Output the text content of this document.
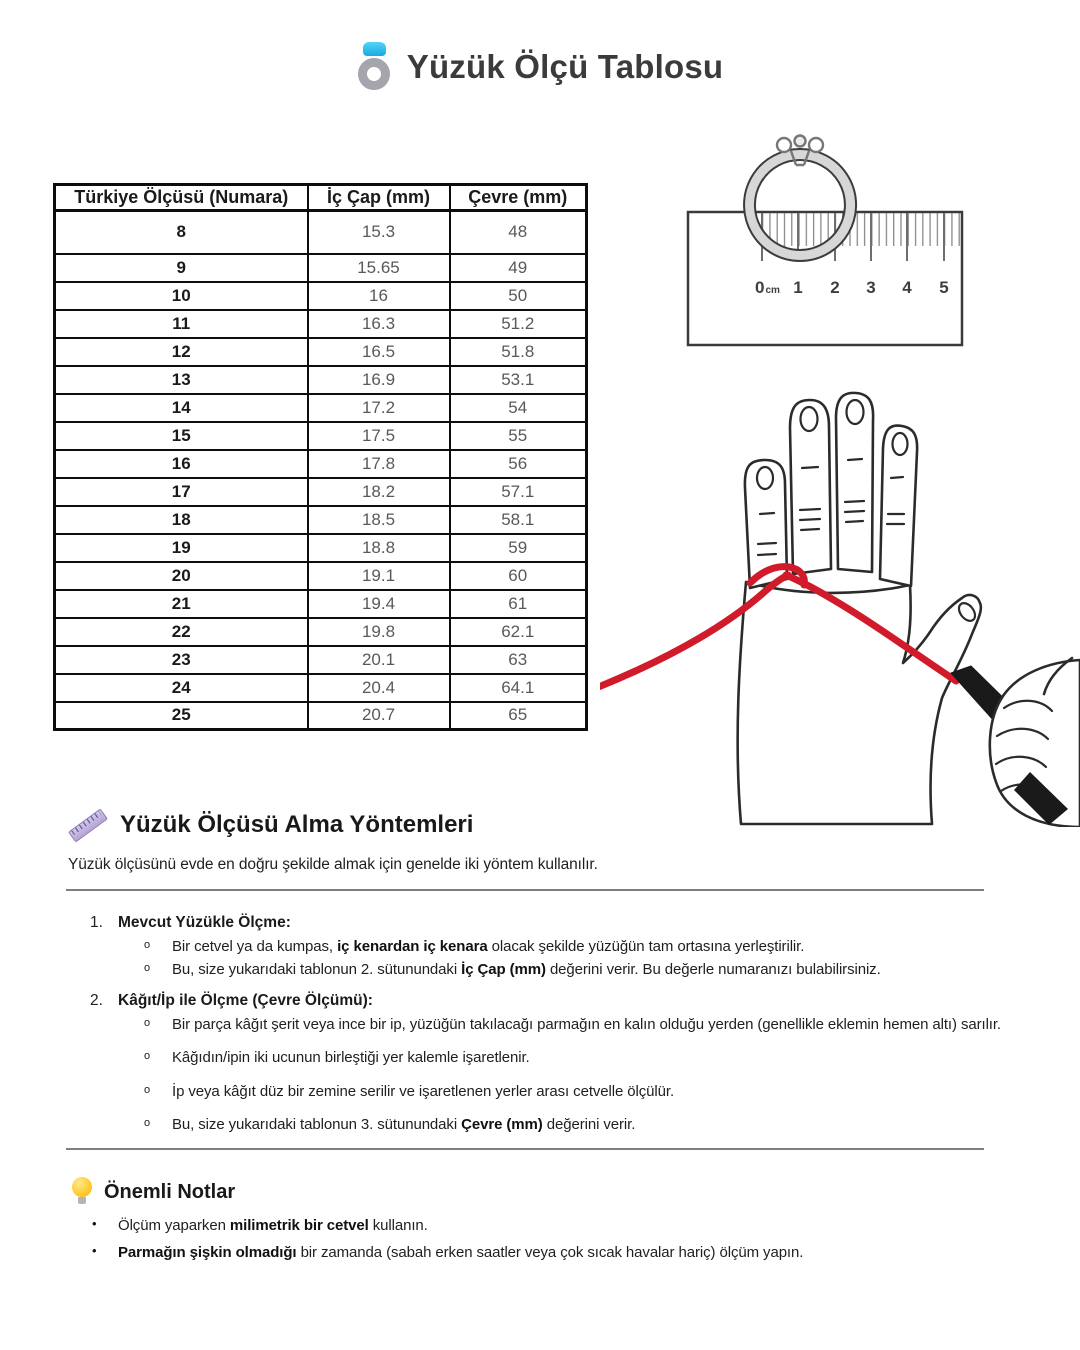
Yüzük Ölçü Tablosu
Türkiye Ölçüsü (Numara)	İç Çap (mm)	Çevre (mm)
8	15.3	48
9	15.65	49
10	16	50
11	16.3	51.2
12	16.5	51.8
13	16.9	53.1
14	17.2	54
15	17.5	55
16	17.8	56
17	18.2	57.1
18	18.5	58.1
19	18.8	59
20	19.1	60
21	19.4	61
22	19.8	62.1
23	20.1	63
24	20.4	64.1
25	20.7	65
0cm 1 2 3 4 5
Yüzük Ölçüsü Alma Yöntemleri
Yüzük ölçüsünü evde en doğru şekilde almak için genelde iki yöntem kullanılır.
1. Mevcut Yüzükle Ölçme:
o	Bir cetvel ya da kumpas, iç kenardan iç kenara olacak şekilde yüzüğün tam ortasına yerleştirilir.
o	Bu, size yukarıdaki tablonun 2. sütunundaki İç Çap (mm) değerini verir. Bu değerle numaranızı bulabilirsiniz.
2. Kâğıt/İp ile Ölçme (Çevre Ölçümü):
o	Bir parça kâğıt şerit veya ince bir ip, yüzüğün takılacağı parmağın en kalın olduğu yerden (genellikle eklemin hemen altı) sarılır.
o	Kâğıdın/ipin iki ucunun birleştiği yer kalemle işaretlenir.
o	İp veya kâğıt düz bir zemine serilir ve işaretlenen yerler arası cetvelle ölçülür.
o	Bu, size yukarıdaki tablonun 3. sütunundaki Çevre (mm) değerini verir.
Önemli Notlar
•	Ölçüm yaparken milimetrik bir cetvel kullanın.
•	Parmağın şişkin olmadığı bir zamanda (sabah erken saatler veya çok sıcak havalar hariç) ölçüm yapın.
